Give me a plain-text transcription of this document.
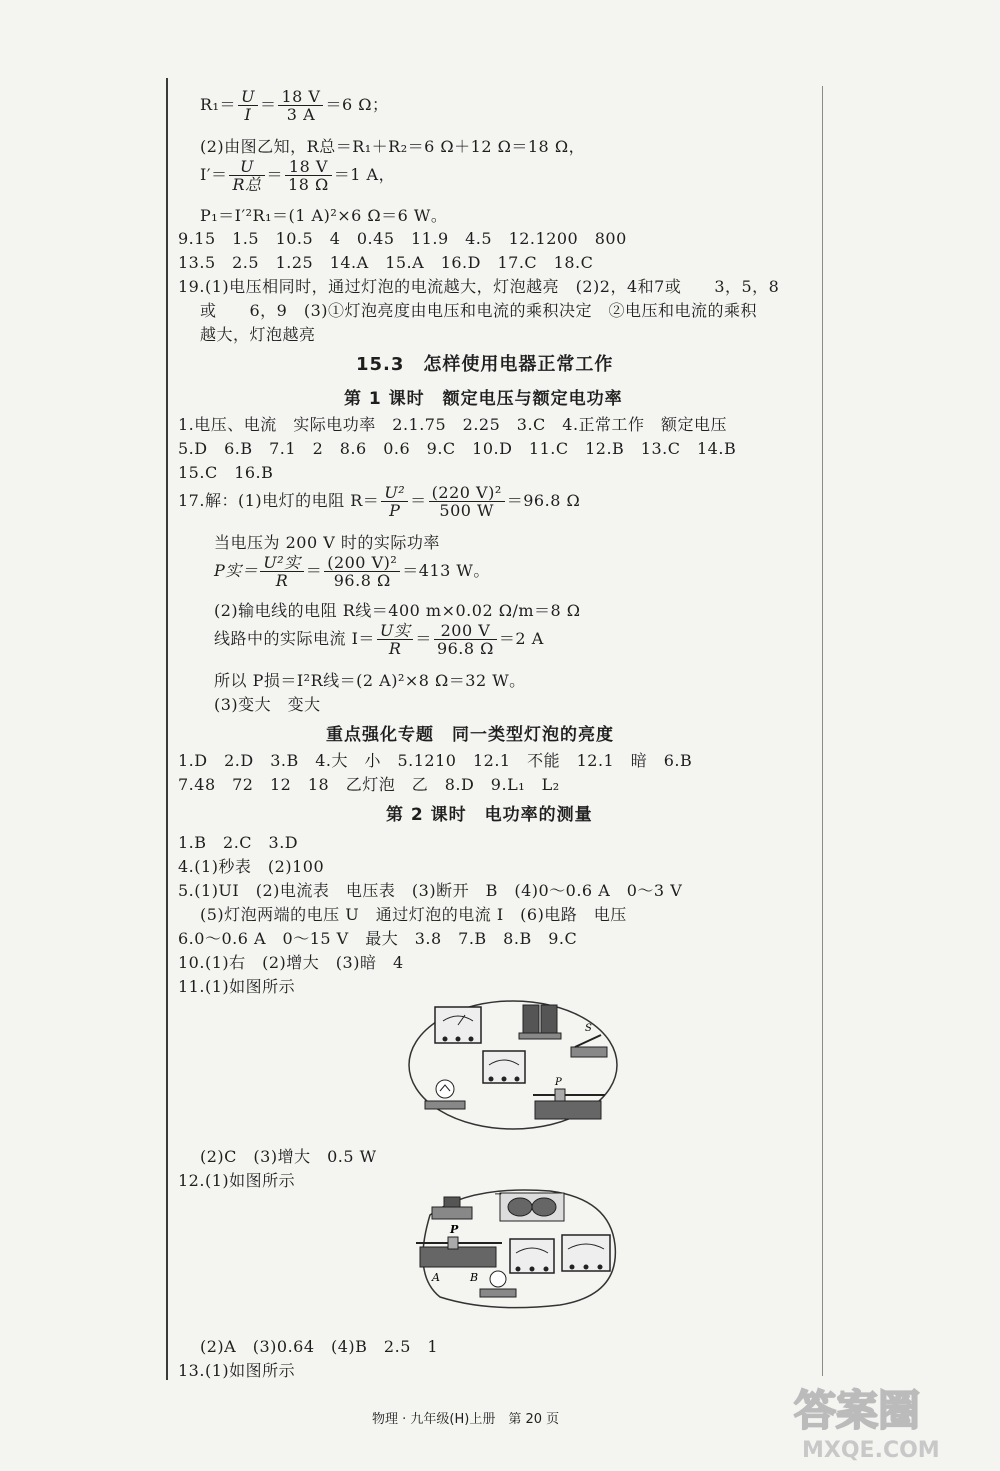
$R_1= \frac{U}{I} = \frac{18 V}{3 A} =6$ Ω；
(2)由图乙知，R总＝R₁＋R₂＝6 Ω＋12 Ω＝18 Ω，
$I'= \frac{U}{\text{R总}} = \frac{18 V}{18 \Omega} =1$ A，
P₁＝I′²R₁＝(1 A)²×6 Ω＝6 W。
9.15　1.5　10.5　4　0.45　11.9　4.5　12.1200　800
13.5　2.5　1.25　14.A　15.A　16.D　17.C　18.C
19.(1)电压相同时，通过灯泡的电流越大，灯泡越亮　(2)2，4和7或　　3，5，8
或　　6，9　(3)①灯泡亮度由电压和电流的乘积决定　②电压和电流的乘积
越大，灯泡越亮
15.3　怎样使用电器正常工作
第 1 课时　额定电压与额定电功率
1.电压、电流　实际电功率　2.1.75　2.25　3.C　4.正常工作　额定电压
5.D　6.B　7.1　2　8.6　0.6　9.C　10.D　11.C　12.B　13.C　14.B
15.C　16.B
17.解：(1)电灯的电阻 $R= \frac{\text{U²}}{P} = \frac{\text{(220 V)²}}{500 W} =96.8$ Ω
当电压为 200 V 时的实际功率
P实＝ $\frac{\text{U²实}}{R} = \frac{\text{(200 V)²}}{96.8 \Omega} =413$ W。
(2)输电线的电阻 R线＝400 m×0.02 Ω/m＝8 Ω
线路中的实际电流 $I= \frac{\text{U实}}{R} = \frac{200 V}{96.8 \Omega} =2$ A
所以 P损＝I²R线＝(2 A)²×8 Ω＝32 W。
(3)变大　变大
重点强化专题　同一类型灯泡的亮度
1.D　2.D　3.B　4.大　小　5.1210　12.1　不能　12.1　暗　6.B
7.48　72　12　18　乙灯泡　乙　8.D　9.L₁　L₂
第 2 课时　电功率的测量
1.B　2.C　3.D
4.(1)秒表　(2)100
5.(1)UI　(2)电流表　电压表　(3)断开　B　(4)0～0.6 A　0～3 V
(5)灯泡两端的电压 U　通过灯泡的电流 I　(6)电路　电压
6.0～0.6 A　0～15 V　最大　3.8　7.B　8.B　9.C
10.(1)右　(2)增大　(3)暗　4
11.(1)如图所示
S
P
(2)C　(3)增大　0.5 W
12.(1)如图所示
−
P
A	B
(2)A　(3)0.64　(4)B　2.5　1
13.(1)如图所示
物理 · 九年级(H)上册　第 20 页	答案圈
MXQE.COM
